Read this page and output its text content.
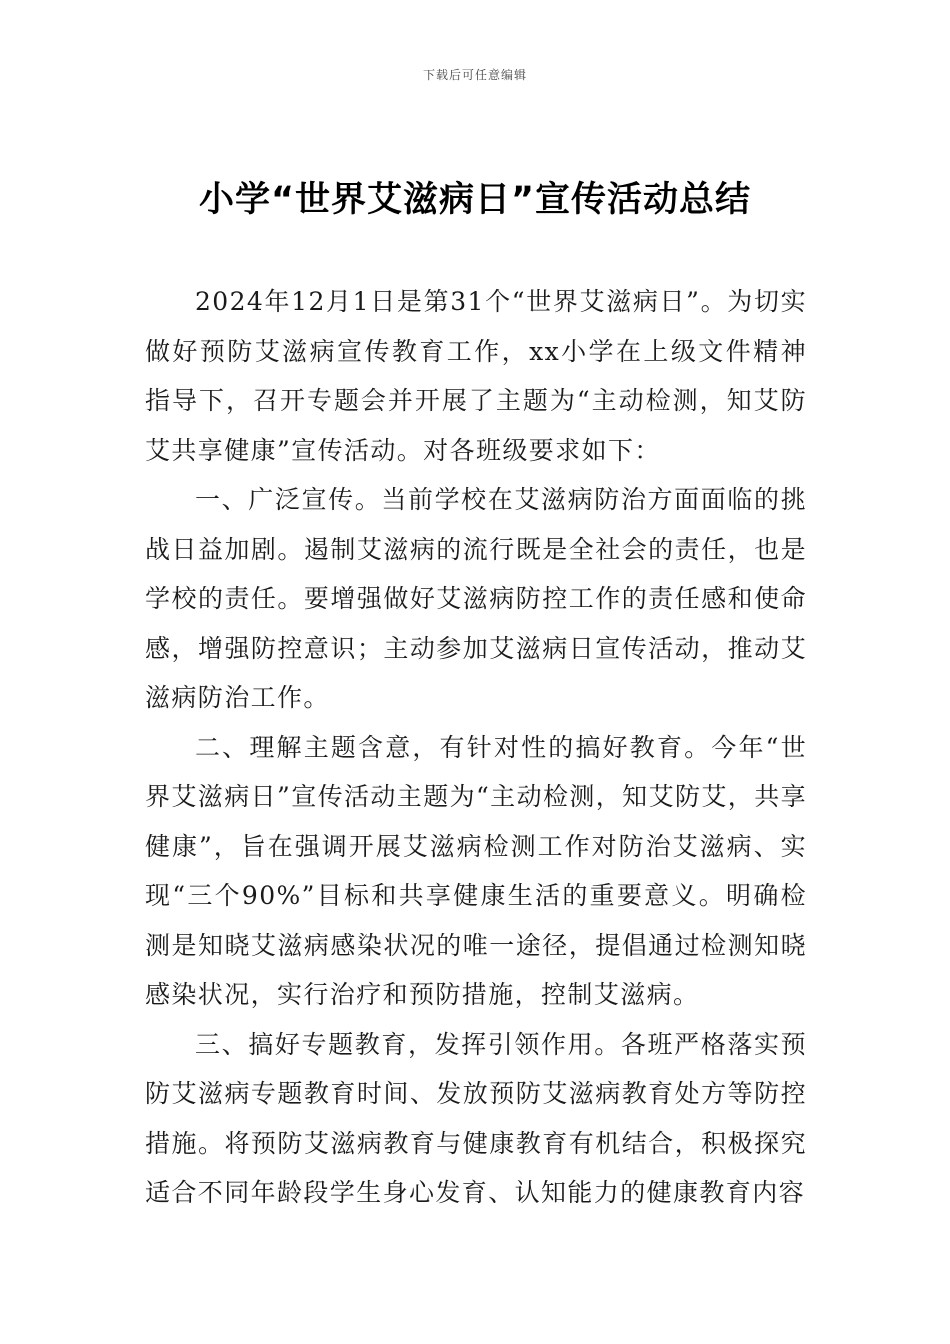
下载后可任意编辑
小学“世界艾滋病日”宣传活动总结

2024年12月1日是第31个“世界艾滋病日”。为切实做好预防艾滋病宣传教育工作，xx小学在上级文件精神指导下，召开专题会并开展了主题为“主动检测，知艾防艾共享健康”宣传活动。对各班级要求如下：

一、广泛宣传。当前学校在艾滋病防治方面面临的挑战日益加剧。遏制艾滋病的流行既是全社会的责任，也是学校的责任。要增强做好艾滋病防控工作的责任感和使命感，增强防控意识；主动参加艾滋病日宣传活动，推动艾滋病防治工作。

二、理解主题含意，有针对性的搞好教育。今年“世界艾滋病日”宣传活动主题为“主动检测，知艾防艾，共享健康”，旨在强调开展艾滋病检测工作对防治艾滋病、实现“三个90%”目标和共享健康生活的重要意义。明确检测是知晓艾滋病感染状况的唯一途径，提倡通过检测知晓感染状况，实行治疗和预防措施，控制艾滋病。

三、搞好专题教育，发挥引领作用。各班严格落实预防艾滋病专题教育时间、发放预防艾滋病教育处方等防控措施。将预防艾滋病教育与健康教育有机结合，积极探究适合不同年龄段学生身心发育、认知能力的健康教育内容
